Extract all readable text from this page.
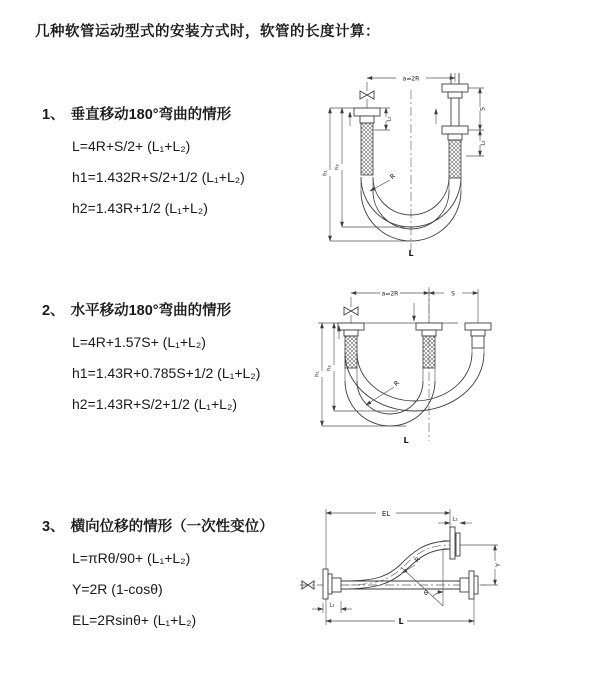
几种软管运动型式的安装方式时，软管的长度计算：
1、 垂直移动180°弯曲的情形
L=4R+S/2+ (L₁+L₂)
h1=1.432R+S/2+1/2 (L₁+L₂)
h2=1.43R+1/2 (L₁+L₂)
2、 水平移动180°弯曲的情形
L=4R+1.57S+ (L₁+L₂)
h1=1.43R+0.785S+1/2 (L₁+L₂)
h2=1.43R+S/2+1/2 (L₁+L₂)
3、 横向位移的情形（一次性变位）
L=πRθ/90+ (L₁+L₂)
Y=2R (1-cosθ)
EL=2Rsinθ+ (L₁+L₂)
a=2R
L₁
S
L₂
h₂
h₁	R
L
a=2R	S
h₂
h₁
R
L
EL
L₂
R
θ
Y
L₁
L
